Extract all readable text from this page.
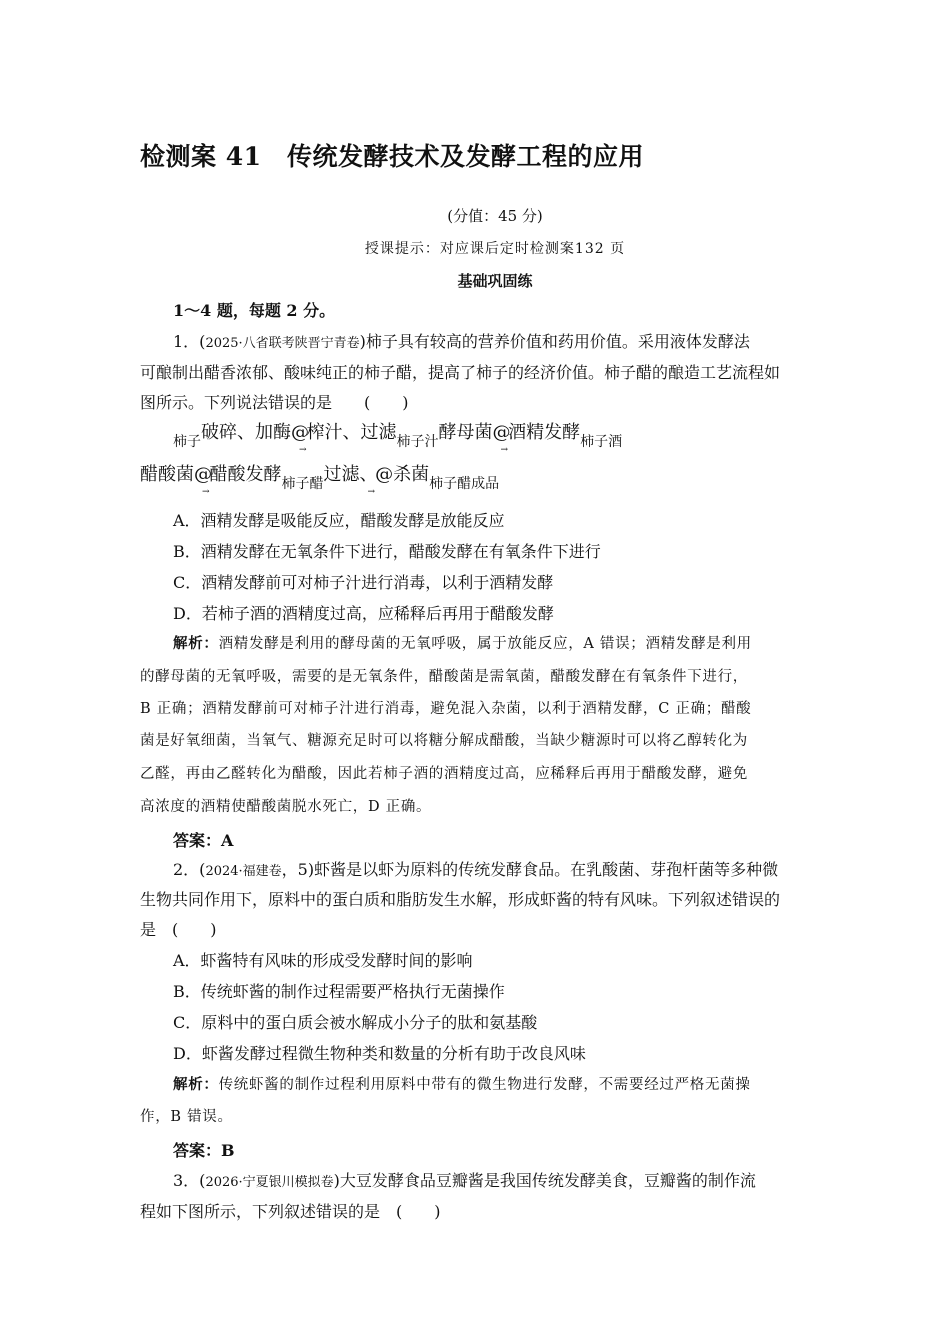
检测案 41　传统发酵技术及发酵工程的应用
(分值：45 分)
授课提示：对应课后定时检测案132 页
基础巩固练
1～4 题，每题 2 分。
1．(2025·八省联考陕晋宁青卷)柿子具有较高的营养价值和药用价值。采用液体发酵法
可酿制出醋香浓郁、酸味纯正的柿子醋，提高了柿子的经济价值。柿子醋的酿造工艺流程如
图所示。下列说法错误的是　　(　　)
$_{柿子}$破碎、加酶$@_\to$榨汁、过滤$_{柿子汁}$酵母菌$@_\to$酒精发酵$_{柿子酒}$
醋酸菌$@_\to$醋酸发酵$_{柿子醋}$过滤、$_\to$@杀菌$_{柿子醋成品}$
A．酒精发酵是吸能反应，醋酸发酵是放能反应
B．酒精发酵在无氧条件下进行，醋酸发酵在有氧条件下进行
C．酒精发酵前可对柿子汁进行消毒，以利于酒精发酵
D．若柿子酒的酒精度过高，应稀释后再用于醋酸发酵
解析：酒精发酵是利用的酵母菌的无氧呼吸，属于放能反应，A 错误；酒精发酵是利用
的酵母菌的无氧呼吸，需要的是无氧条件，醋酸菌是需氧菌，醋酸发酵在有氧条件下进行，
B 正确；酒精发酵前可对柿子汁进行消毒，避免混入杂菌，以利于酒精发酵，C 正确；醋酸
菌是好氧细菌，当氧气、糖源充足时可以将糖分解成醋酸，当缺少糖源时可以将乙醇转化为
乙醛，再由乙醛转化为醋酸，因此若柿子酒的酒精度过高，应稀释后再用于醋酸发酵，避免
高浓度的酒精使醋酸菌脱水死亡，D 正确。
答案：A
2．(2024·福建卷，5)虾酱是以虾为原料的传统发酵食品。在乳酸菌、芽孢杆菌等多种微
生物共同作用下，原料中的蛋白质和脂肪发生水解，形成虾酱的特有风味。下列叙述错误的
是　(　　)
A．虾酱特有风味的形成受发酵时间的影响
B．传统虾酱的制作过程需要严格执行无菌操作
C．原料中的蛋白质会被水解成小分子的肽和氨基酸
D．虾酱发酵过程微生物种类和数量的分析有助于改良风味
解析：传统虾酱的制作过程利用原料中带有的微生物进行发酵，不需要经过严格无菌操
作，B 错误。
答案：B
3．(2026·宁夏银川模拟卷)大豆发酵食品豆瓣酱是我国传统发酵美食，豆瓣酱的制作流
程如下图所示，下列叙述错误的是　(　　)
